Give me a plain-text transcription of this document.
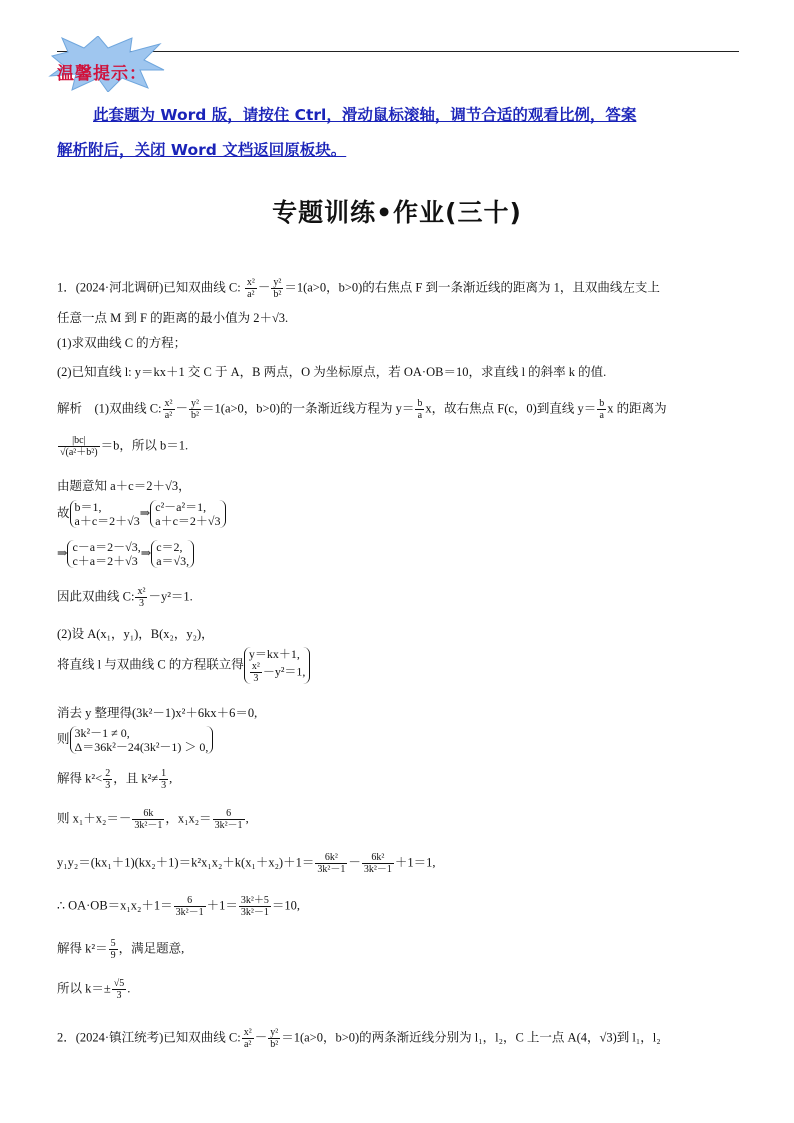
温馨提示：
此套题为 Word 版，请按住 Ctrl，滑动鼠标滚轴，调节合适的观看比例，答案
解析附后，关闭 Word 文档返回原板块。
专题训练•作业(三十)
1．(2024·河北调研)已知双曲线 C: $\frac{\text{x²}}{\text{a²}} - \frac{\text{y²}}{\text{b²}} =1(a>0$，b>0)的右焦点 F 到一条渐近线的距离为 1，且双曲线左支上
任意一点 M 到 F 的距离的最小值为 2＋√3.
(1)求双曲线 C 的方程；
(2)已知直线 l: y＝kx＋1 交 C 于 A，B 两点，O 为坐标原点，若 OA·OB＝10，求直线 l 的斜率 k 的值.
解析　(1)双曲线 C: $\frac{\text{x²}}{\text{a²}} - \frac{\text{y²}}{\text{b²}} =1(a>0$，b>0)的一条渐近线方程为 $y= \frac{b}{a}$ x，故右焦点 F(c，0)到直线 $y= \frac{b}{a}$ x 的距离为
$\frac{|bc|}{\text{√(a²＋b²)}} =b$，所以 b＝1.
由题意知 a＋c＝2＋√3，
故 b＝1,
a＋c＝2＋√3⇒ c²－a²＝1,
a＋c＝2＋√3
⇒ c－a＝2－√3,
c＋a＝2＋√3⇒ c＝2,
a＝√3,
因此双曲线 C: $\frac{\text{x²}}{3} -y^2=1$.
(2)设 A(x₁，y₁)，B(x₂，y₂)，
将直线 l 与双曲线 C 的方程联立得y＝kx＋1,

$\frac{\text{x²}}{3} -y^2=1$,
消去 y 整理得(3k²－1)x²＋6kx＋6＝0,
则 3k²－1 ≠ 0,
Δ＝36k²－24(3k²－1) ＞ 0,
解得 $k^2< \frac{2}{3}$ ，且 $k^2\ne \frac{1}{3}$ ,
则 $x_1+x_2=- \frac{6k}{\text{3k²－1}}$ ，$x_1x_2= \frac{6}{\text{3k²－1}}$ ,
$y_1y_2=(kx_1+1)(kx_2+1)=k^2x_1x_2+k(x_1+x_2)+1= \frac{\text{6k²}}{\text{3k²－1}} - \frac{\text{6k²}}{\text{3k²－1}} +1=1$,
∴ $OA\cdot OB=x_1x_2+1= \frac{6}{\text{3k²－1}} +1= \frac{\text{3k²＋5}}{\text{3k²－1}} =10$,
解得 $k^2= \frac{5}{9}$ ，满足题意,
所以 $k=\pm \frac{√5}{3}$ .
2．(2024·镇江统考)已知双曲线 C: $\frac{\text{x²}}{\text{a²}} - \frac{\text{y²}}{\text{b²}} =1(a>0$，b>0)的两条渐近线分别为 l₁，l₂，C 上一点 A(4，√3)到 l₁，l₂
